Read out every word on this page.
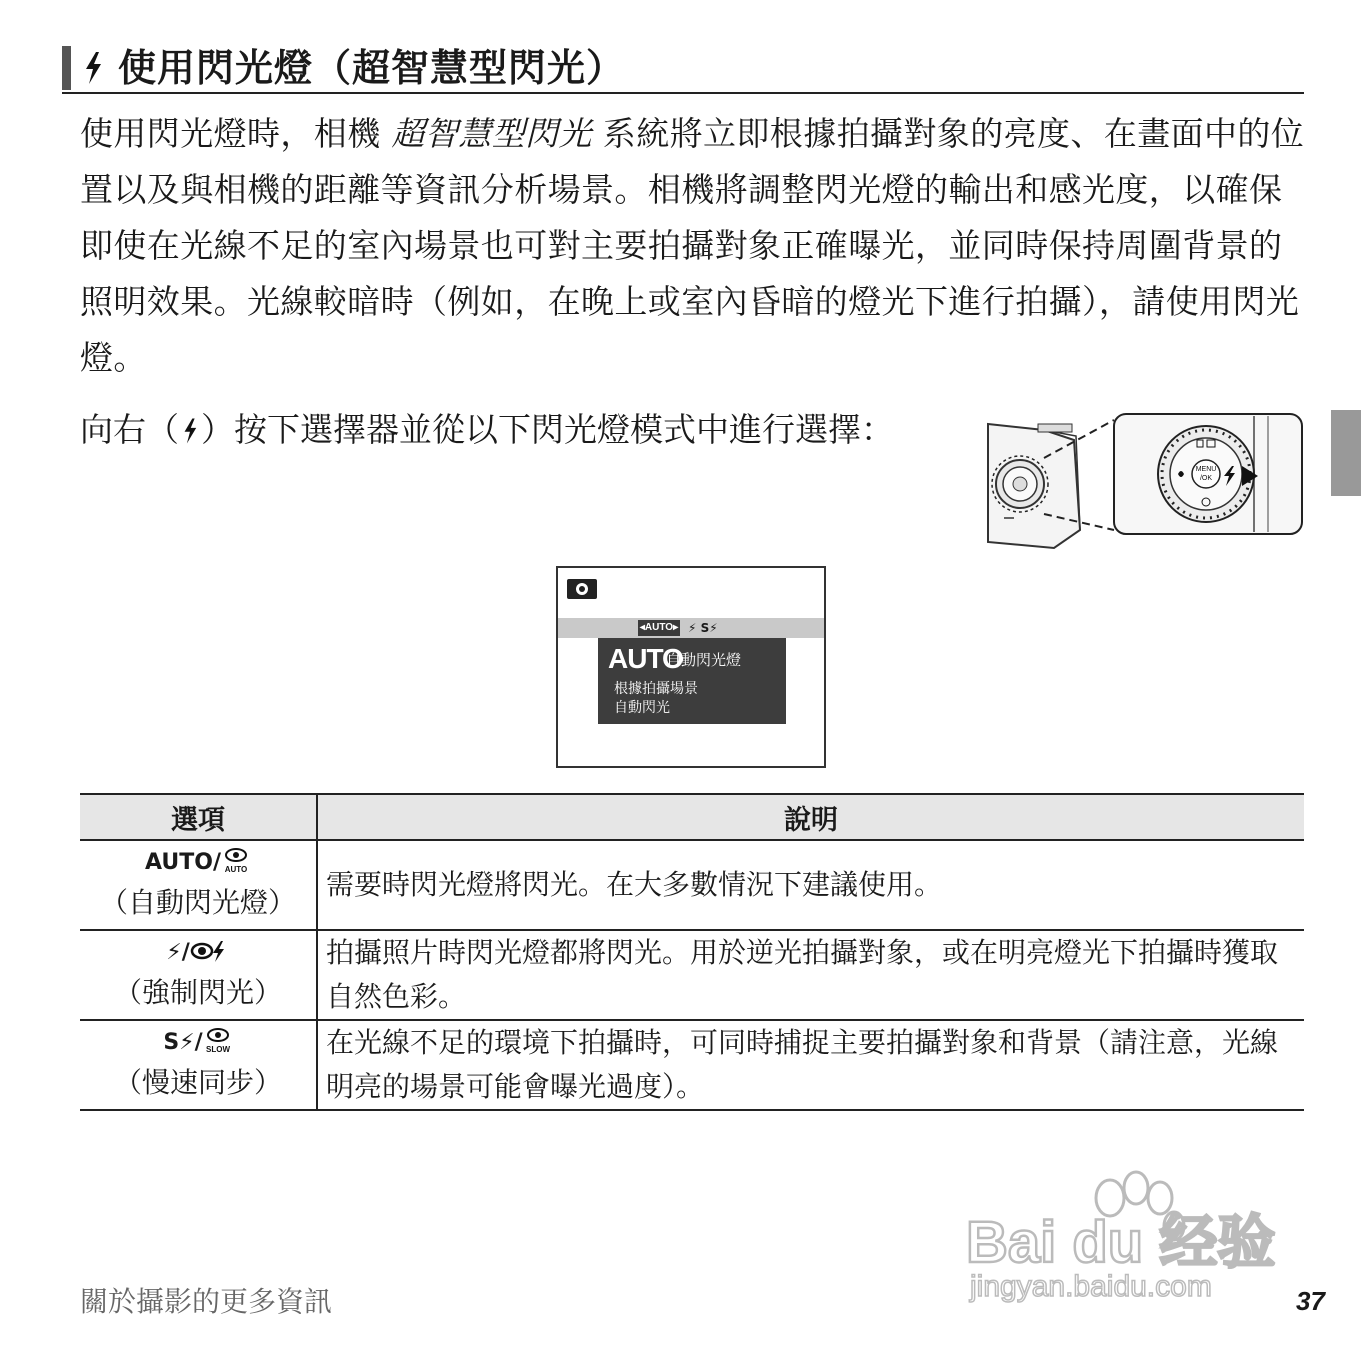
使用閃光燈（超智慧型閃光）

使用閃光燈時，相機 超智慧型閃光 系統將立即根據拍攝對象的亮度、在畫面中的位置以及與相機的距離等資訊分析場景。相機將調整閃光燈的輸出和感光度，以確保即使在光線不足的室內場景也可對主要拍攝對象正確曝光，並同時保持周圍背景的照明效果。光線較暗時（例如，在晚上或室內昏暗的燈光下進行拍攝），請使用閃光燈。

向右（ ）按下選擇器並從以下閃光燈模式中進行選擇：

MENU
/OK
◂AUTO▸ ⚡ S⚡
AUTO
自動閃光燈
根據拍攝場景
自動閃光
選項	說明

AUTO/ AUTO
（自動閃光燈）	需要時閃光燈將閃光。在大多數情況下建議使用。

⚡/
（強制閃光）	拍攝照片時閃光燈都將閃光。用於逆光拍攝對象，或在明亮燈光下拍攝時獲取自然色彩。

S⚡/ SLOW
（慢速同步）	在光線不足的環境下拍攝時，可同時捕捉主要拍攝對象和背景（請注意，光線明亮的場景可能會曝光過度）。
Bai du 经验
jingyan.baidu.com
關於攝影的更多資訊	37
